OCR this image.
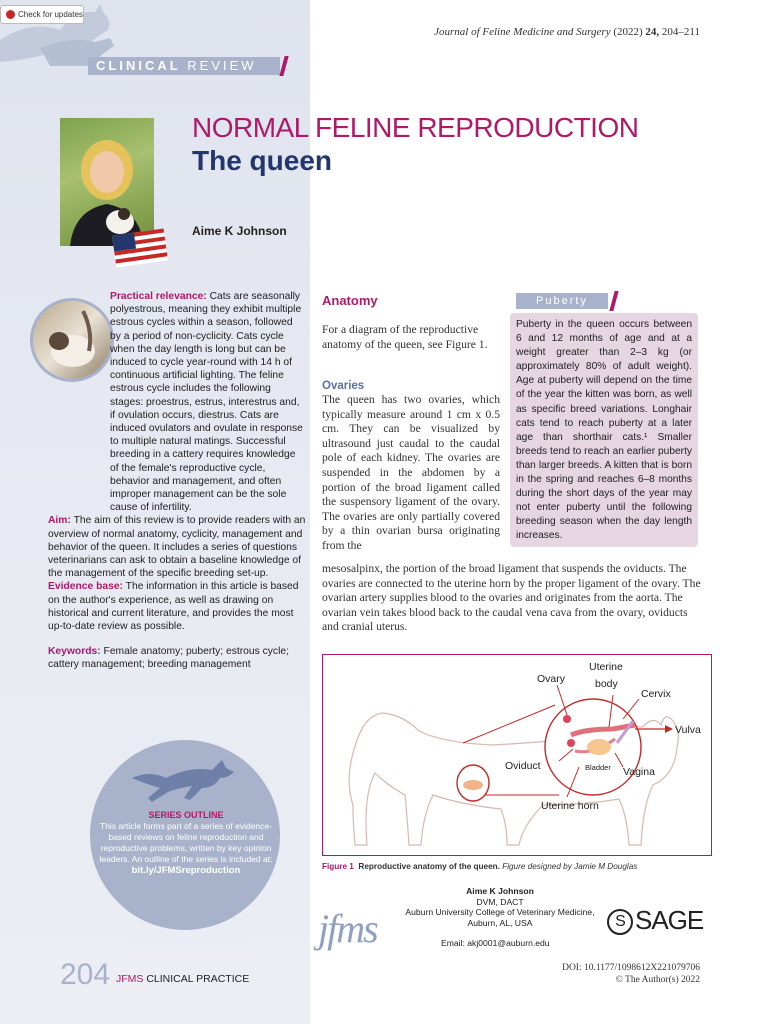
Check for updates
Journal of Feline Medicine and Surgery (2022) 24, 204–211
CLINICAL REVIEW
NORMAL FELINE REPRODUCTION
The queen
Aime K Johnson

Practical relevance: Cats are seasonally polyestrous, meaning they exhibit multiple estrous cycles within a season, followed by a period of non-cyclicity. Cats cycle when the day length is long but can be induced to cycle year-round with 14 h of continuous artificial lighting. The feline estrous cycle includes the following stages: proestrus, estrus, interestrus and, if ovulation occurs, diestrus. Cats are induced ovulators and ovulate in response to multiple natural matings. Successful breeding in a cattery requires knowledge of the female's reproductive cycle, behavior and management, and often improper management can be the sole cause of infertility.

Aim: The aim of this review is to provide readers with an overview of normal anatomy, cyclicity, management and behavior of the queen. It includes a series of questions veterinarians can ask to obtain a baseline knowledge of the management of the specific breeding set-up.

Evidence base: The information in this article is based on the author's experience, as well as drawing on historical and current literature, and provides the most up-to-date review as possible.

Keywords: Female anatomy; puberty; estrous cycle; cattery management; breeding management

SERIES OUTLINE
This article forms part of a series of evidence-based reviews on feline reproduction and reproductive problems, written by key opinion leaders. An outline of the series is included at:
bit.ly/JFMSreproduction
Anatomy

For a diagram of the reproductive anatomy of the queen, see Figure 1.

Ovaries
The queen has two ovaries, which typically measure around 1 cm x 0.5 cm. They can be visualized by ultrasound just caudal to the caudal pole of each kidney. The ovaries are suspended in the abdomen by a portion of the broad ligament called the suspensory ligament of the ovary. The ovaries are only partially covered by a thin ovarian bursa originating from the
mesosalpinx, the portion of the broad ligament that suspends the oviducts. The ovaries are connected to the uterine horn by the proper ligament of the ovary. The ovarian artery supplies blood to the ovaries and originates from the aorta. The ovarian vein takes blood back to the caudal vena cava from the ovary, oviducts and cranial uterus.
Puberty
Puberty in the queen occurs between 6 and 12 months of age and at a weight greater than 2–3 kg (or approximately 80% of adult weight). Age at puberty will depend on the time of the year the kitten was born, as well as specific breed variations. Longhair cats tend to reach puberty at a later age than shorthair cats.¹ Smaller breeds tend to reach an earlier puberty than larger breeds. A kitten that is born in the spring and reaches 6–8 months during the short days of the year may not enter puberty until the following breeding season when the day length increases.
Ovary
Uterine
body
Cervix
Vulva
Oviduct	Bladder Vagina
Uterine horn
Figure 1 Reproductive anatomy of the queen. Figure designed by Jamie M Douglas
Aime K Johnson
DVM, DACT
Auburn University College of Veterinary Medicine,
Auburn, AL, USA
Email: akj0001@auburn.edu
jfms	S SAGE
204 JFMS CLINICAL PRACTICE
DOI: 10.1177/1098612X221079706
© The Author(s) 2022
